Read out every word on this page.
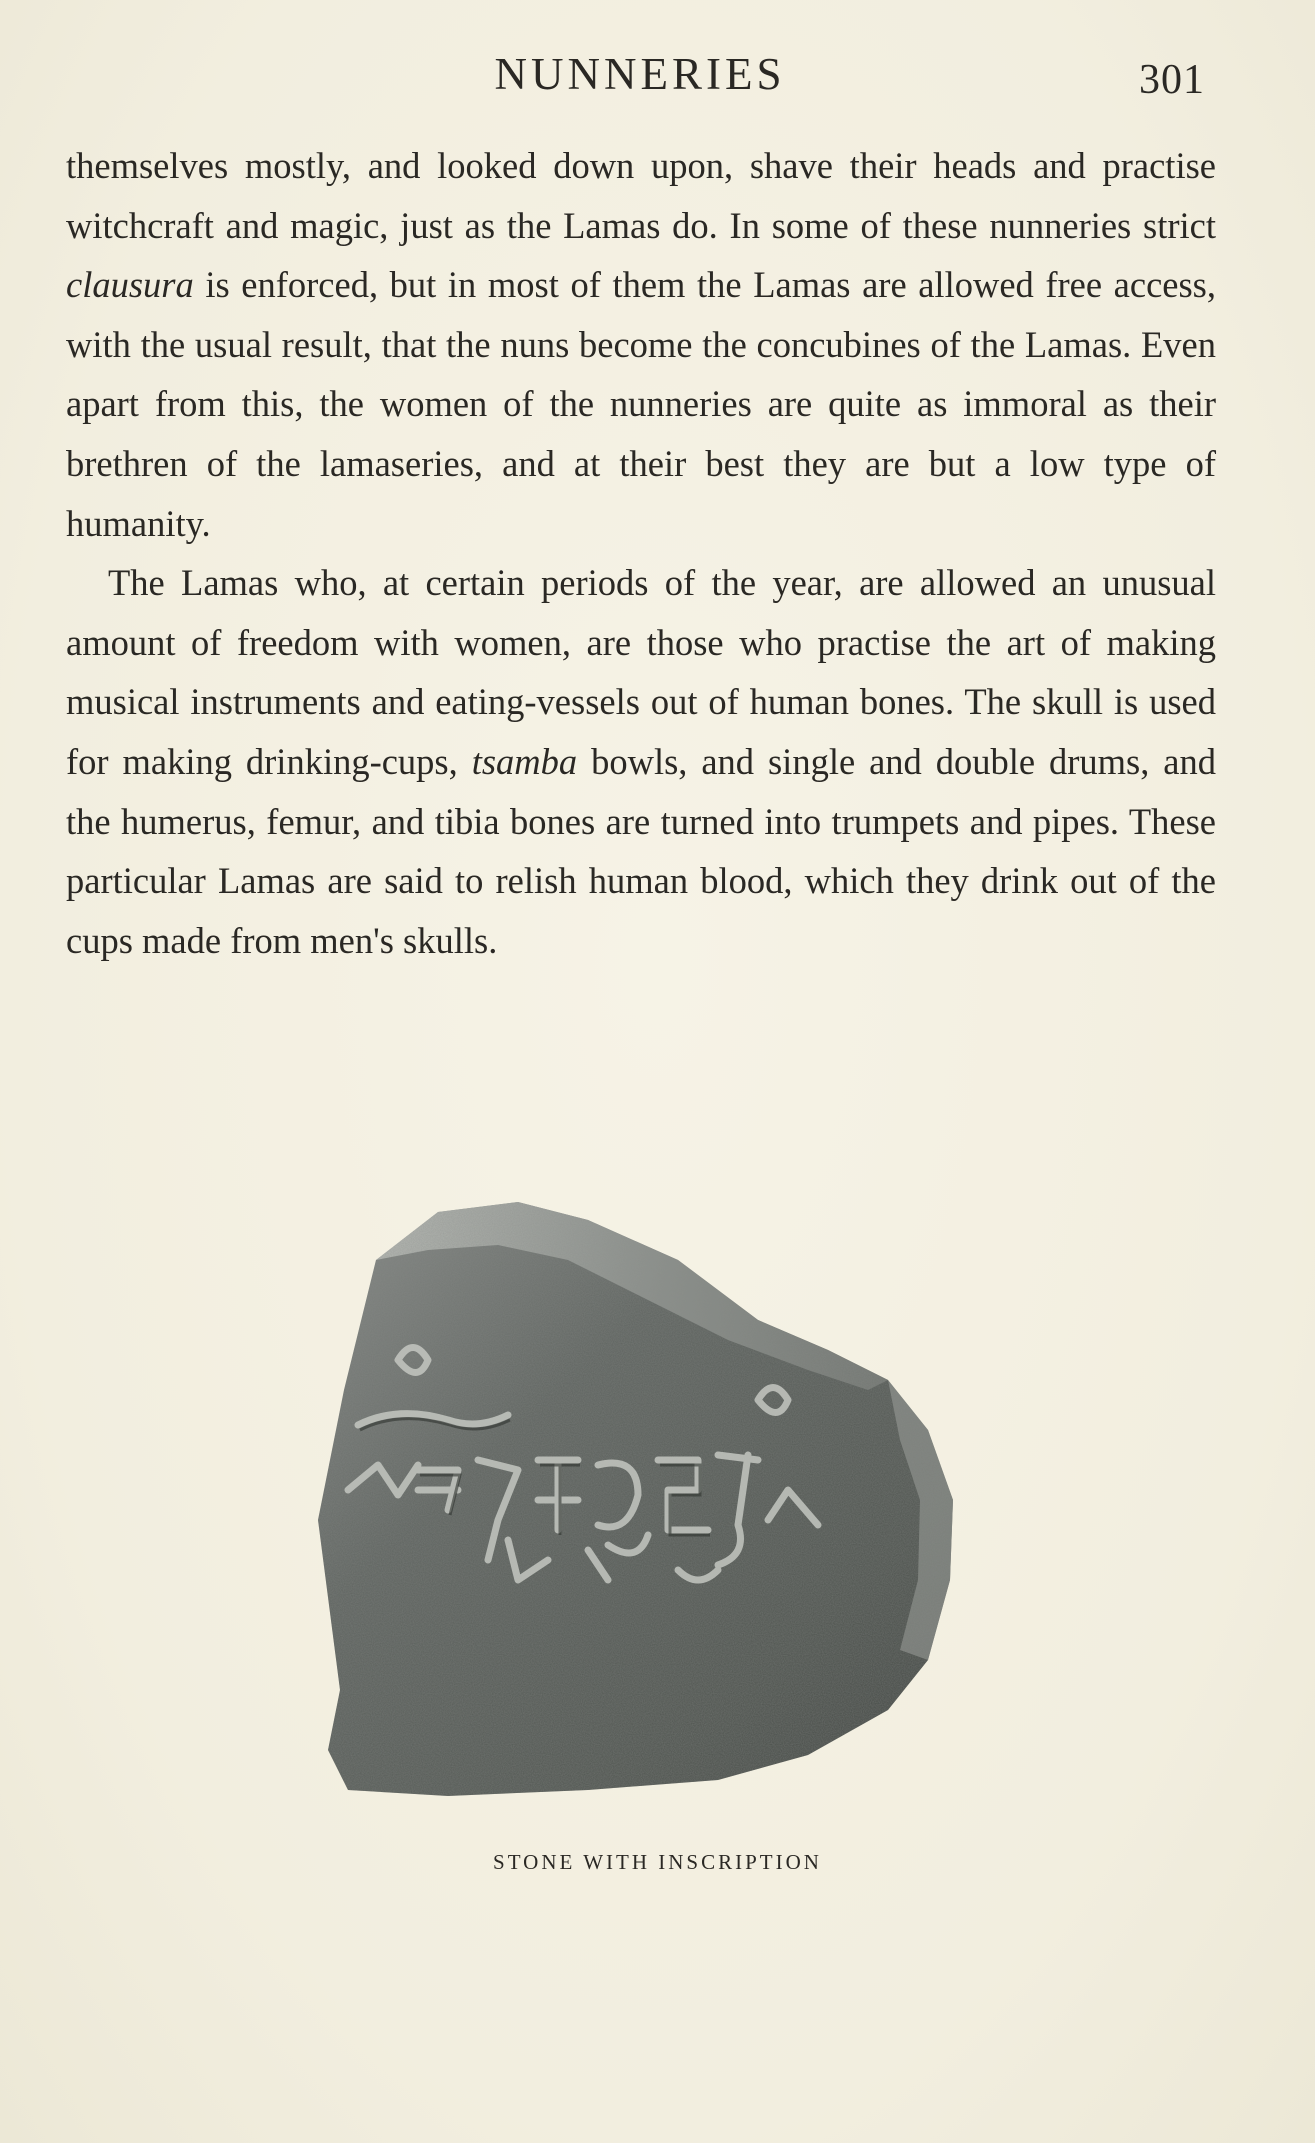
NUNNERIES	301

themselves mostly, and looked down upon, shave their heads and practise witchcraft and magic, just as the Lamas do. In some of these nunneries strict clausura is enforced, but in most of them the Lamas are allowed free access, with the usual result, that the nuns become the concubines of the Lamas. Even apart from this, the women of the nunneries are quite as immoral as their brethren of the lamaseries, and at their best they are but a low type of humanity.

The Lamas who, at certain periods of the year, are allowed an unusual amount of freedom with women, are those who practise the art of making musical instruments and eating-vessels out of human bones. The skull is used for making drinking-cups, tsamba bowls, and single and double drums, and the humerus, femur, and tibia bones are turned into trumpets and pipes. These particular Lamas are said to relish human blood, which they drink out of the cups made from men's skulls.

STONE WITH INSCRIPTION
